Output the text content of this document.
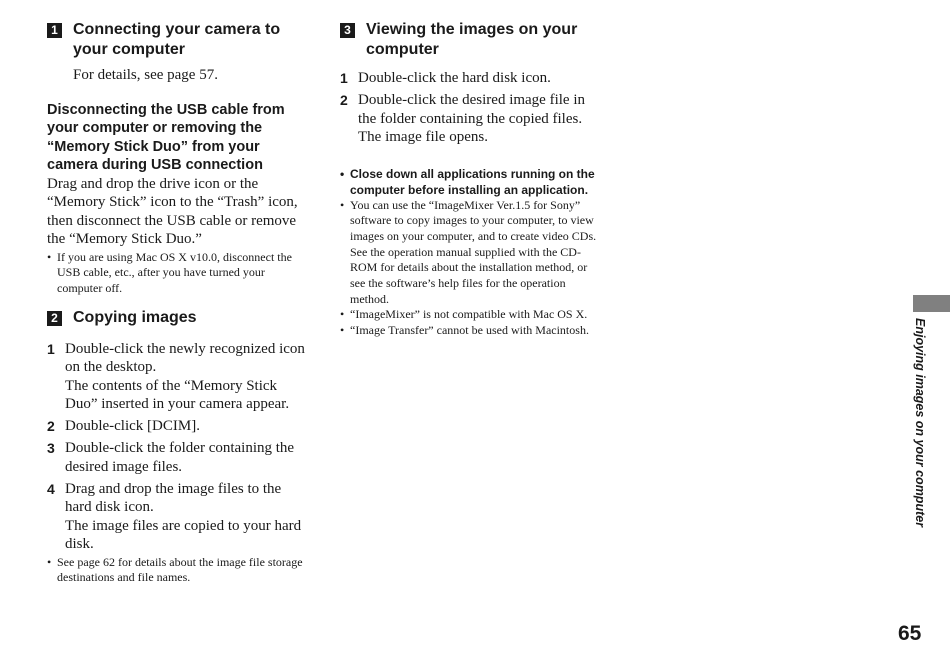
1 Connecting your camera to your computer
For details, see page 57.
Disconnecting the USB cable from your computer or removing the “Memory Stick Duo” from your camera during USB connection
Drag and drop the drive icon or the “Memory Stick” icon to the “Trash” icon, then disconnect the USB cable or remove the “Memory Stick Duo.”
• If you are using Mac OS X v10.0, disconnect the USB cable, etc., after you have turned your computer off.
2 Copying images
1 Double-click the newly recognized icon on the desktop.
The contents of the “Memory Stick Duo” inserted in your camera appear.
2 Double-click [DCIM].
3 Double-click the folder containing the desired image files.
4 Drag and drop the image files to the hard disk icon.
The image files are copied to your hard disk.
• See page 62 for details about the image file storage destinations and file names.
3 Viewing the images on your computer
1 Double-click the hard disk icon.
2 Double-click the desired image file in the folder containing the copied files.
The image file opens.
• Close down all applications running on the computer before installing an application.
• You can use the “ImageMixer Ver.1.5 for Sony” software to copy images to your computer, to view images on your computer, and to create video CDs. See the operation manual supplied with the CD-ROM for details about the installation method, or see the software’s help files for the operation method.
• “ImageMixer” is not compatible with Mac OS X.
• “Image Transfer” cannot be used with Macintosh.	Enjoying images on your computer
65
